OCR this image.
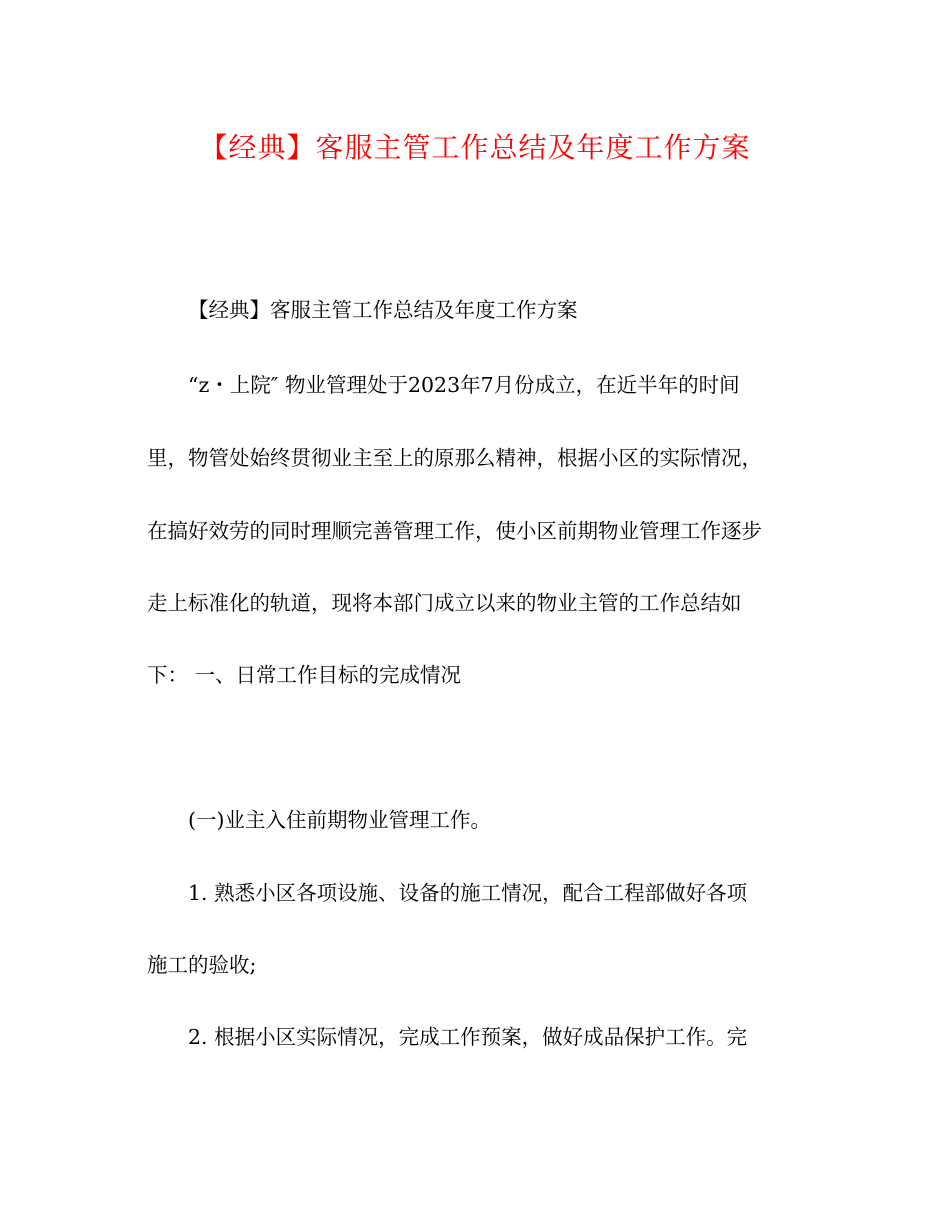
【经典】客服主管工作总结及年度工作方案
【经典】客服主管工作总结及年度工作方案
“z・上院″ 物业管理处于2023年7月份成立，在近半年的时间
里，物管处始终贯彻业主至上的原那么精神，根据小区的实际情况，
在搞好效劳的同时理顺完善管理工作，使小区前期物业管理工作逐步
走上标准化的轨道，现将本部门成立以来的物业主管的工作总结如
下： 一、日常工作目标的完成情况
(一)业主入住前期物业管理工作。
1. 熟悉小区各项设施、设备的施工情况，配合工程部做好各项
施工的验收;
2. 根据小区实际情况，完成工作预案，做好成品保护工作。完
